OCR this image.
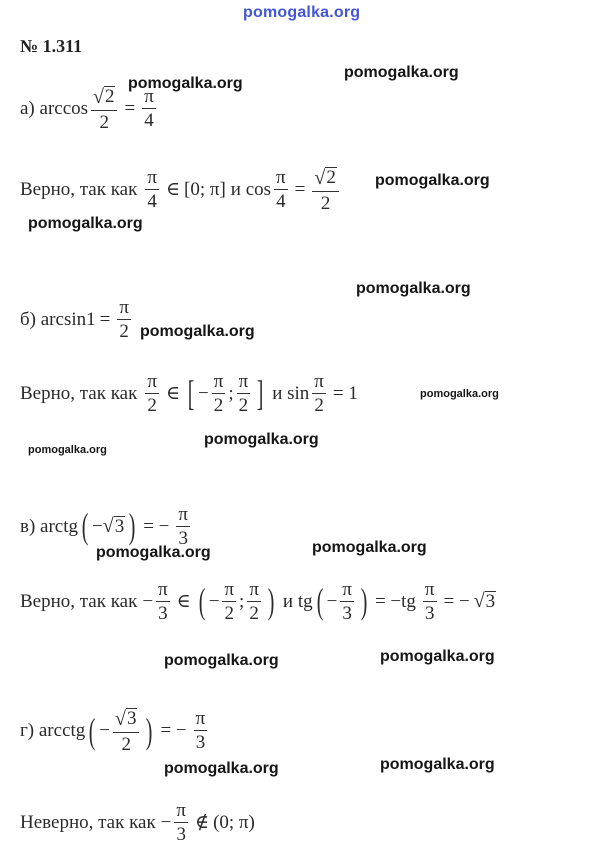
pomogalka.org
№ 1.311
pomogalka.org
pomogalka.org
pomogalka.org
pomogalka.org
pomogalka.org
pomogalka.org
pomogalka.org
pomogalka.org
pomogalka.org
pomogalka.org
pomogalka.org
pomogalka.org
pomogalka.org
pomogalka.org
pomogalka.org
а) $\arccos \frac{√ 2}{2} = \frac{\pi}{4}$
Верно, так как $\frac{\pi}{4}$ ∈ [0; π] и $\cos \frac{\pi}{4} = \frac{√ 2}{2}$
б) $\arcsin 1 = \frac{\pi}{2}$
Верно, так как $\frac{\pi}{2}$ ∈ [ − $\frac{\pi}{2}$ ; $\frac{\pi}{2}$ ] и $\sin \frac{\pi}{2} = 1$
в) arctg ( − √ 3 ) = − $\frac{\pi}{3}$
Верно, так как − $\frac{\pi}{3}$ ∈ ( − $\frac{\pi}{2}$ ; $\frac{\pi}{2}$ ) и tg ( − $\frac{\pi}{3}$ ) = $-tg \frac{\pi}{3}$ = − √ 3
г) arcctg ( − $\frac{√ 3}{2}$ ) = − $\frac{\pi}{3}$
Неверно, так как − $\frac{\pi}{3}$ ∉ (0; π)
